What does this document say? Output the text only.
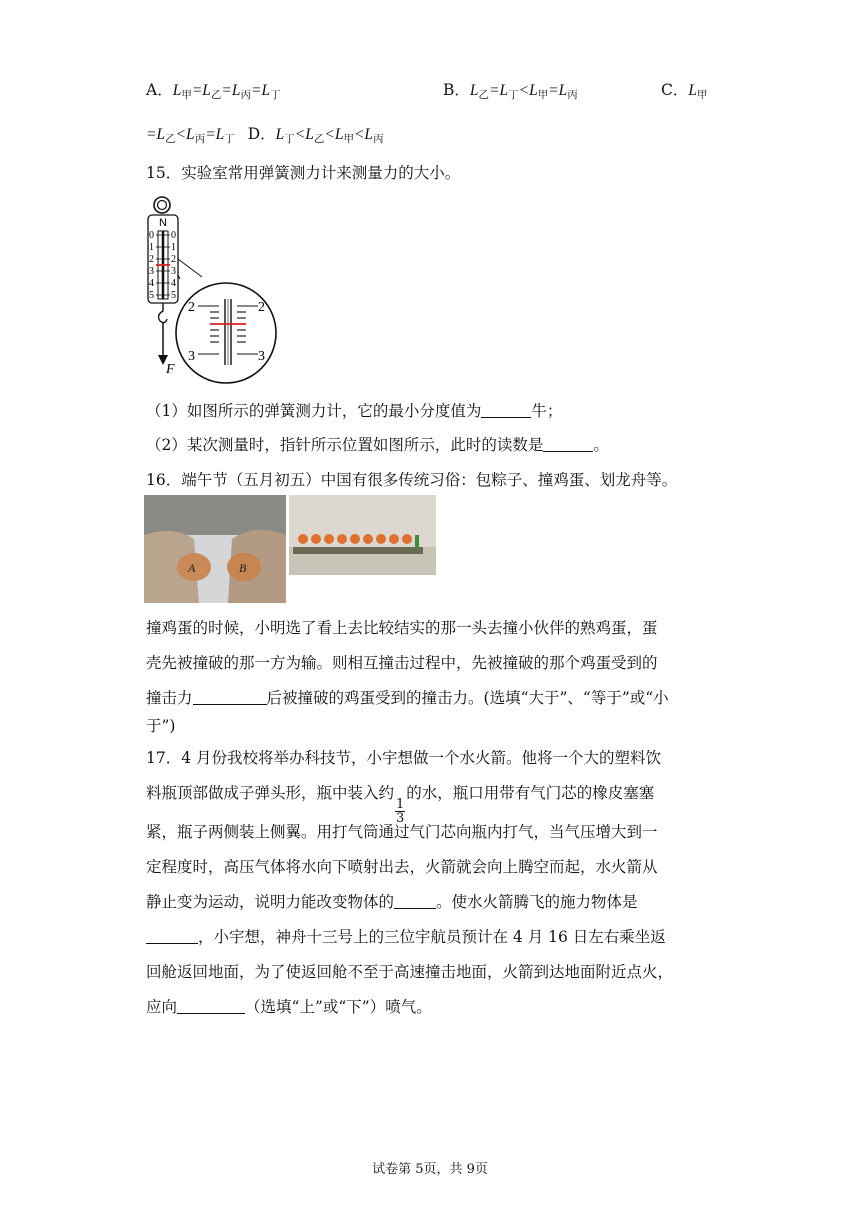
A．L甲=L乙=L丙=L丁	B．L乙=L丁<L甲=L丙	C．L甲
=L乙<L丙=L丁 D．L丁<L乙<L甲<L丙
15．实验室常用弹簧测力计来测量力的大小。
N
0
1
2
3
4
5
0
1
2
3
4
5
F
2	2
3	3
（1）如图所示的弹簧测力计，它的最小分度值为	牛；
（2）某次测量时，指针所示位置如图所示，此时的读数是	。
16．端午节（五月初五）中国有很多传统习俗：包粽子、撞鸡蛋、划龙舟等。
A	B
撞鸡蛋的时候，小明选了看上去比较结实的那一头去撞小伙伴的熟鸡蛋，蛋
壳先被撞破的那一方为输。则相互撞击过程中，先被撞破的那个鸡蛋受到的
撞击力	后被撞破的鸡蛋受到的撞击力。(选填“大于”、“等于”或“小
于”)
17．4 月份我校将举办科技节，小宇想做一个水火箭。他将一个大的塑料饮
料瓶顶部做成子弹头形，瓶中装入约
$\frac{1}{3}$
的水，瓶口用带有气门芯的橡皮塞塞
紧，瓶子两侧装上侧翼。用打气筒通过气门芯向瓶内打气，当气压增大到一
定程度时，高压气体将水向下喷射出去，火箭就会向上腾空而起，水火箭从
静止变为运动，说明力能改变物体的	。使水火箭腾飞的施力物体是
，小宇想，神舟十三号上的三位宇航员预计在 4 月 16 日左右乘坐返
回舱返回地面，为了使返回舱不至于高速撞击地面，火箭到达地面附近点火，
应向	（选填“上”或“下”）喷气。
试卷第 5页，共 9页
